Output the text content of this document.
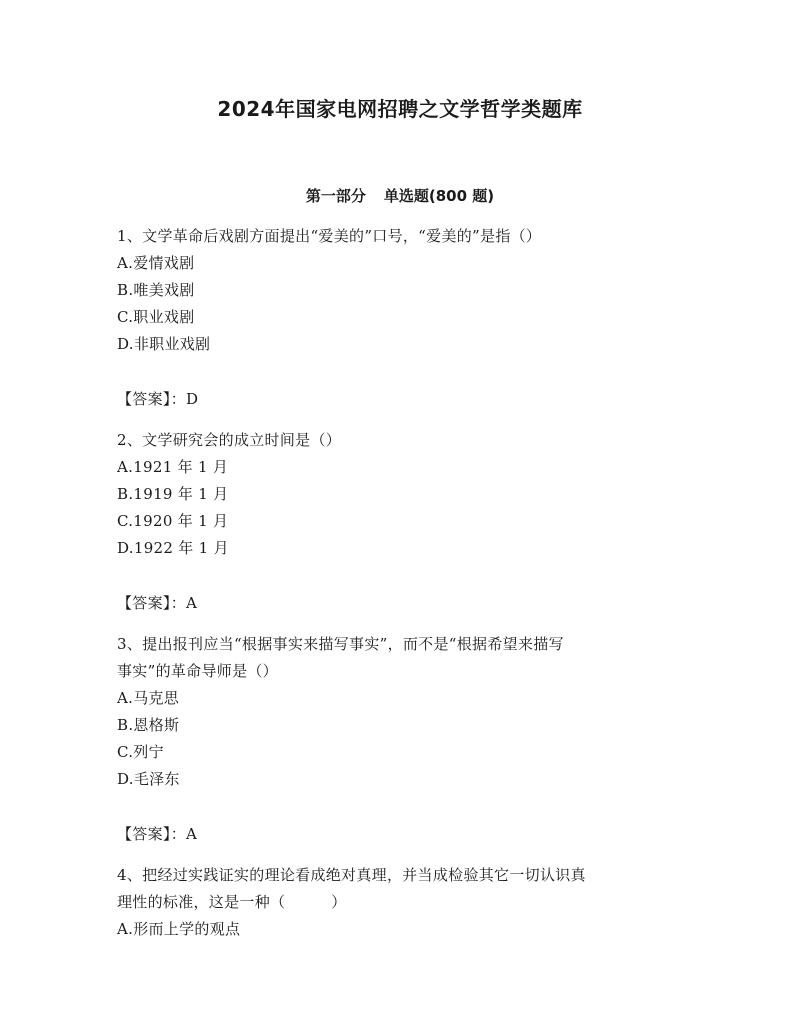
2024年国家电网招聘之文学哲学类题库
第一部分 单选题(800 题)
1、文学革命后戏剧方面提出“爱美的”口号，“爱美的”是指（）
A.爱情戏剧
B.唯美戏剧
C.职业戏剧
D.非职业戏剧
【答案】：D
2、文学研究会的成立时间是（）
A.1921 年 1 月
B.1919 年 1 月
C.1920 年 1 月
D.1922 年 1 月
【答案】：A
3、提出报刊应当“根据事实来描写事实”，而不是“根据希望来描写
事实”的革命导师是（）
A.马克思
B.恩格斯
C.列宁
D.毛泽东
【答案】：A
4、把经过实践证实的理论看成绝对真理，并当成检验其它一切认识真
理性的标准，这是一种（　　　）
A.形而上学的观点
